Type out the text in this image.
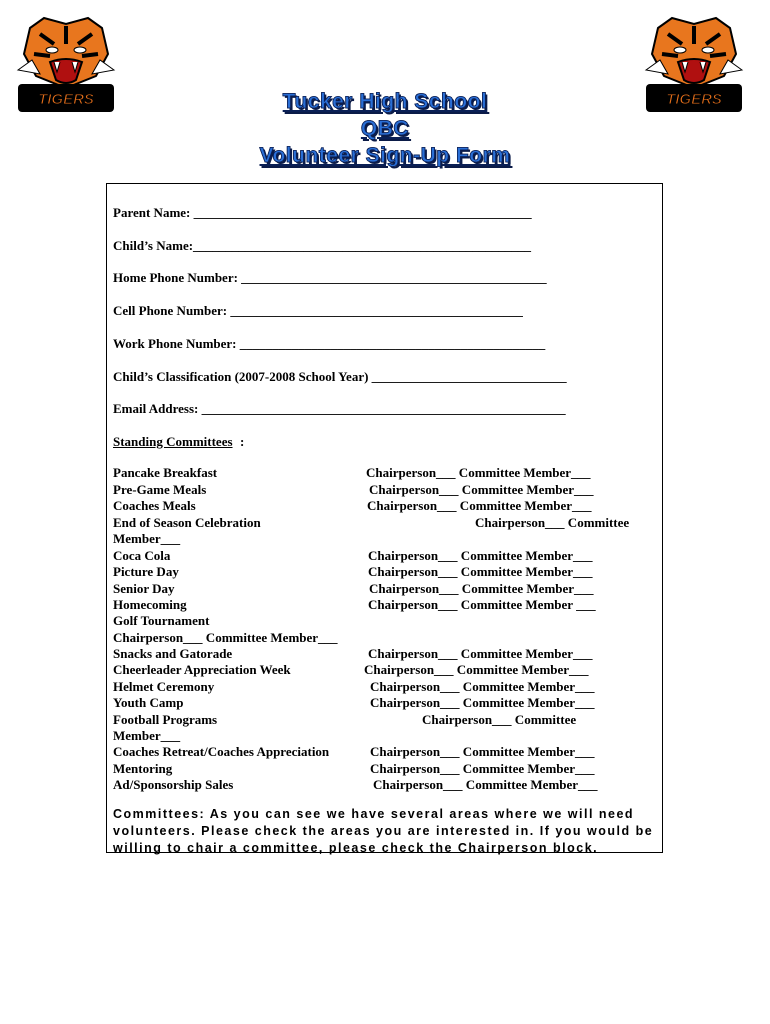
TIGERS	TIGERS
Tucker High School
QBC
Volunteer Sign-Up Form
Parent Name: ____________________________________________________
Child’s Name:____________________________________________________
Home Phone Number: _______________________________________________
Cell Phone Number: _____________________________________________
Work Phone Number: _______________________________________________
Child’s Classification (2007-2008 School Year) ______________________________
Email Address: ________________________________________________________
Standing Committees :
Pancake Breakfast	Chairperson___ Committee Member___
Pre-Game Meals	Chairperson___ Committee Member___
Coaches Meals	Chairperson___ Committee Member___
End of Season Celebration	Chairperson___ Committee
Member___
Coca Cola	Chairperson___ Committee Member___
Picture Day	Chairperson___ Committee Member___
Senior Day	Chairperson___ Committee Member___
Homecoming	Chairperson___ Committee Member ___
Golf Tournament
Chairperson___ Committee Member___
Snacks and Gatorade	Chairperson___ Committee Member___
Cheerleader Appreciation Week	Chairperson___ Committee Member___
Helmet Ceremony	Chairperson___ Committee Member___
Youth Camp	Chairperson___ Committee Member___
Football Programs	Chairperson___ Committee
Member___
Coaches Retreat/Coaches Appreciation	Chairperson___ Committee Member___
Mentoring	Chairperson___ Committee Member___
Ad/Sponsorship Sales	Chairperson___ Committee Member___
Committees: As you can see we have several areas where we will need volunteers. Please check the areas you are interested in. If you would be willing to chair a committee, please check the Chairperson block.
